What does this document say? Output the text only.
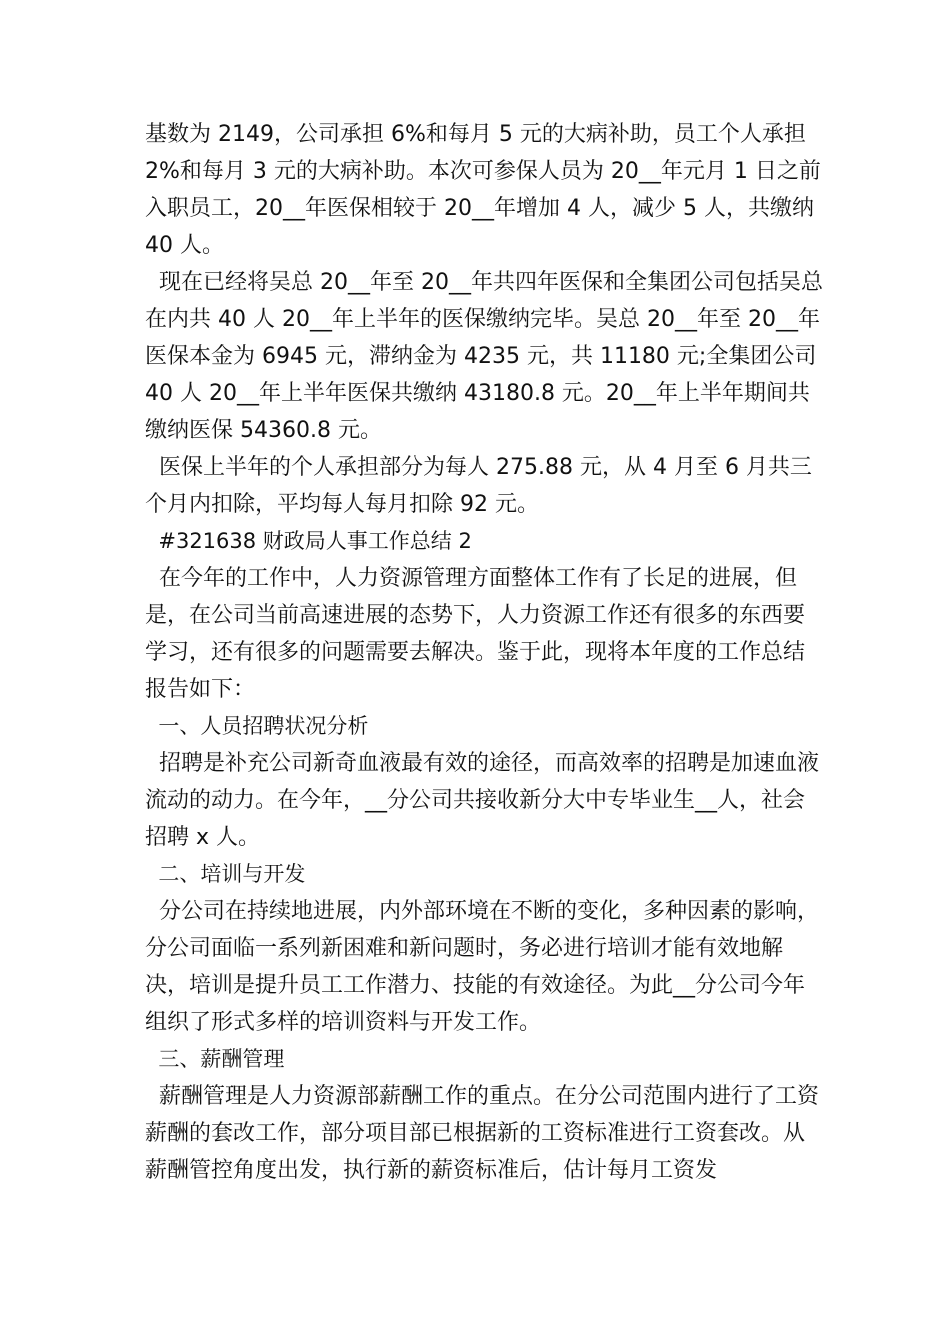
基数为 2149，公司承担 6%和每月 5 元的大病补助，员工个人承担 2%和每月 3 元的大病补助。本次可参保人员为 20__年元月 1 日之前入职员工，20__年医保相较于 20__年增加 4 人，减少 5 人，共缴纳 40 人。

现在已经将吴总 20__年至 20__年共四年医保和全集团公司包括吴总在内共 40 人 20__年上半年的医保缴纳完毕。吴总 20__年至 20__年医保本金为 6945 元，滞纳金为 4235 元，共 11180 元;全集团公司 40 人 20__年上半年医保共缴纳 43180.8 元。20__年上半年期间共缴纳医保 54360.8 元。

医保上半年的个人承担部分为每人 275.88 元，从 4 月至 6 月共三个月内扣除，平均每人每月扣除 92 元。

#321638 财政局人事工作总结 2

在今年的工作中，人力资源管理方面整体工作有了长足的进展，但是，在公司当前高速进展的态势下，人力资源工作还有很多的东西要学习，还有很多的问题需要去解决。鉴于此，现将本年度的工作总结报告如下：

一、人员招聘状况分析

招聘是补充公司新奇血液最有效的途径，而高效率的招聘是加速血液流动的动力。在今年，__分公司共接收新分大中专毕业生__人，社会招聘 x 人。

二、培训与开发

分公司在持续地进展，内外部环境在不断的变化，多种因素的影响，分公司面临一系列新困难和新问题时，务必进行培训才能有效地解决，培训是提升员工工作潜力、技能的有效途径。为此__分公司今年组织了形式多样的培训资料与开发工作。

三、薪酬管理

薪酬管理是人力资源部薪酬工作的重点。在分公司范围内进行了工资薪酬的套改工作，部分项目部已根据新的工资标准进行工资套改。从薪酬管控角度出发，执行新的薪资标准后，估计每月工资发
